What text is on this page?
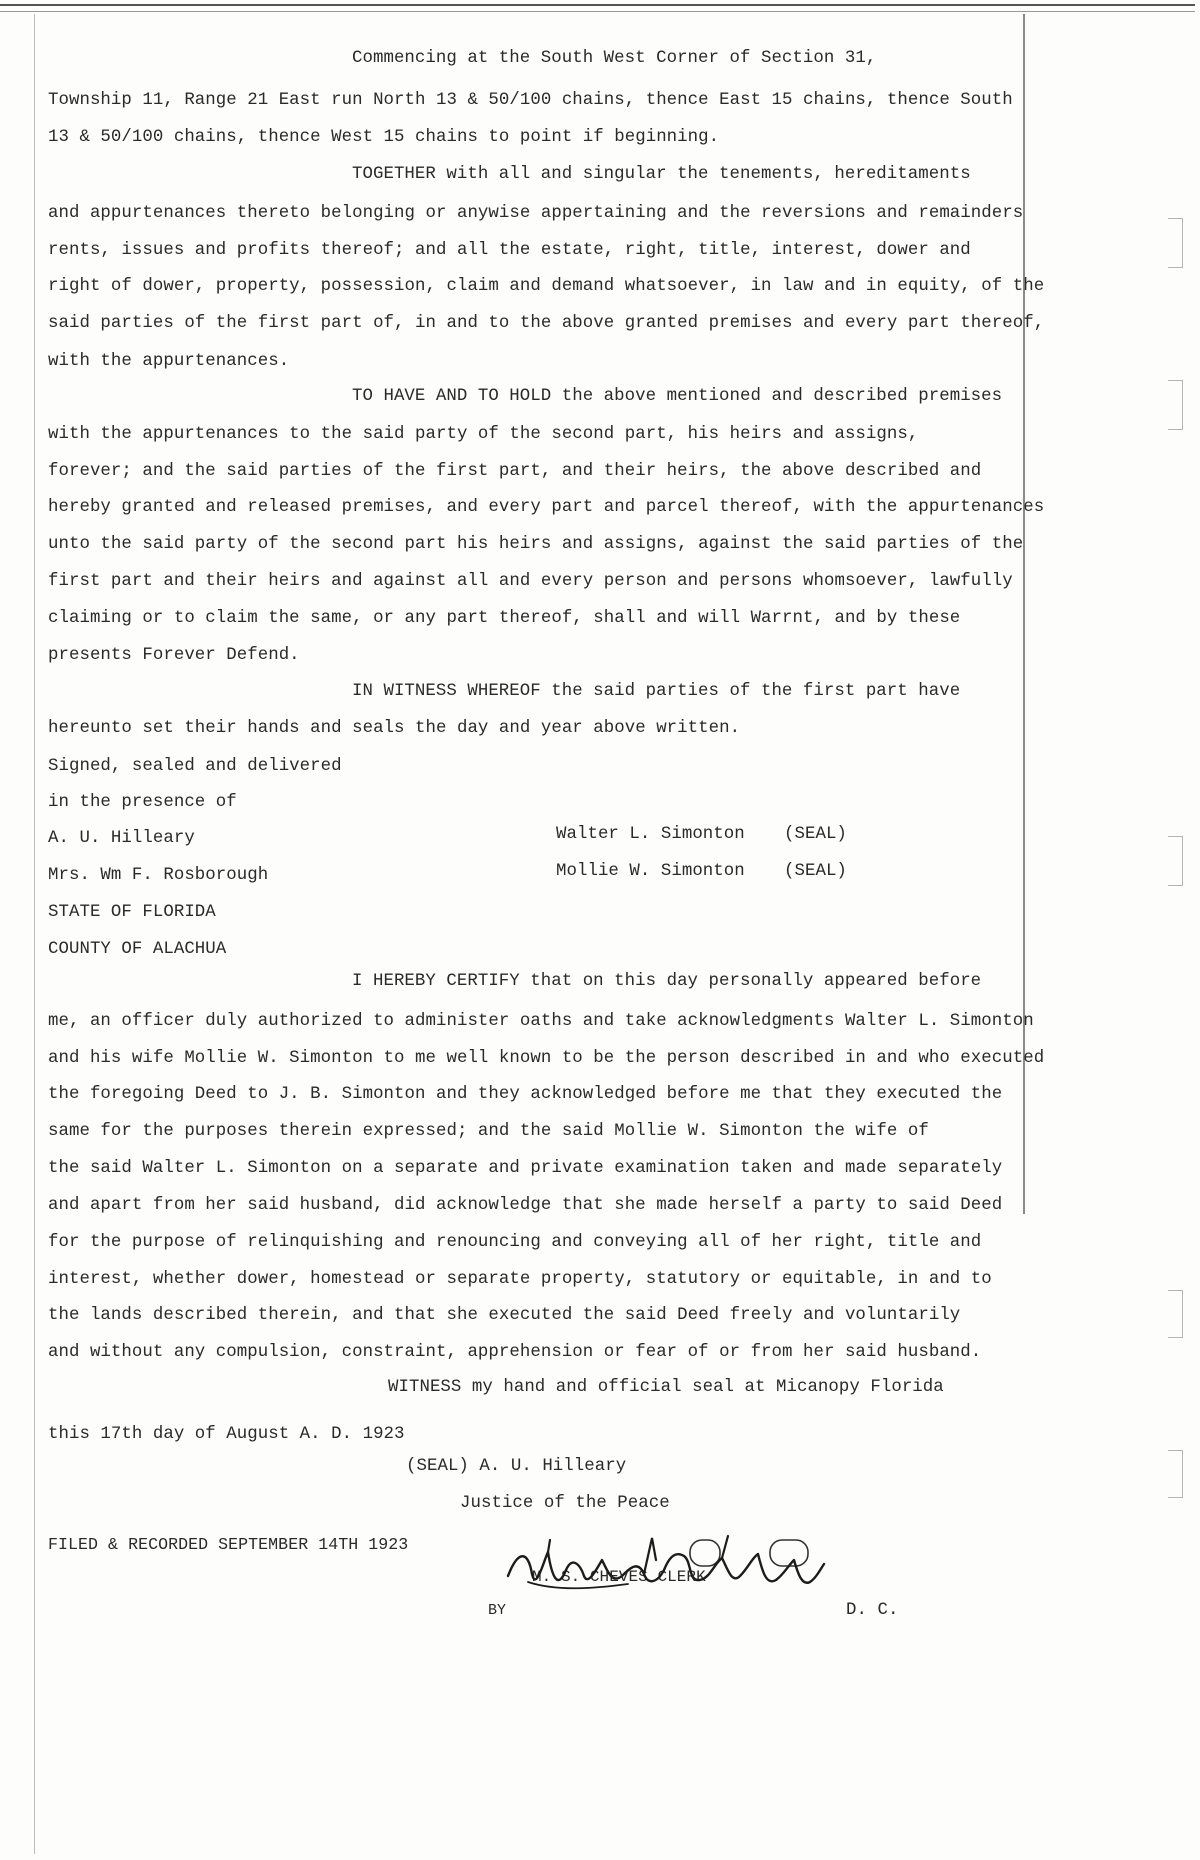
Commencing at the South West Corner of Section 31,
Township 11, Range 21 East run North 13 & 50/100 chains, thence East 15 chains, thence South
13 & 50/100 chains, thence West 15 chains to point if beginning.
TOGETHER with all and singular the tenements, hereditaments
and appurtenances thereto belonging or anywise appertaining and the reversions and remainders
rents, issues and profits thereof; and all the estate, right, title, interest, dower and
right of dower, property, possession, claim and demand whatsoever, in law and in equity, of the
said parties of the first part of, in and to the above granted premises and every part thereof,
with the appurtenances.
TO HAVE AND TO HOLD the above mentioned and described premises
with the appurtenances to the said party of the second part, his heirs and assigns,
forever; and the said parties of the first part, and their heirs, the above described and
hereby granted and released premises, and every part and parcel thereof, with the appurtenances
unto the said party of the second part his heirs and assigns, against the said parties of the
first part and their heirs and against all and every person and persons whomsoever, lawfully
claiming or to claim the same, or any part thereof, shall and will Warrnt, and by these
presents Forever Defend.
IN WITNESS WHEREOF the said parties of the first part have
hereunto set their hands and seals the day and year above written.
Signed, sealed and delivered
in the presence of
A. U. Hilleary	Walter L. Simonton (SEAL)
Mrs. Wm F. Rosborough	Mollie W. Simonton (SEAL)
STATE OF FLORIDA
COUNTY OF ALACHUA
I HEREBY CERTIFY that on this day personally appeared before
me, an officer duly authorized to administer oaths and take acknowledgments Walter L. Simonton
and his wife Mollie W. Simonton to me well known to be the person described in and who executed
the foregoing Deed to J. B. Simonton and they acknowledged before me that they executed the
same for the purposes therein expressed; and the said Mollie W. Simonton the wife of
the said Walter L. Simonton on a separate and private examination taken and made separately
and apart from her said husband, did acknowledge that she made herself a party to said Deed
for the purpose of relinquishing and renouncing and conveying all of her right, title and
interest, whether dower, homestead or separate property, statutory or equitable, in and to
the lands described therein, and that she executed the said Deed freely and voluntarily
and without any compulsion, constraint, apprehension or fear of or from her said husband.
WITNESS my hand and official seal at Micanopy Florida
this 17th day of August A. D. 1923
(SEAL) A. U. Hilleary
Justice of the Peace
FILED & RECORDED SEPTEMBER 14TH 1923
M. S. CHEVES CLERK
BY	D. C.
